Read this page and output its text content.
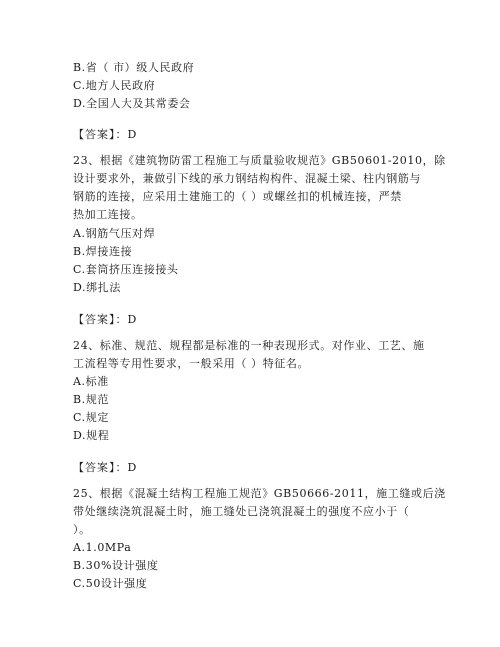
B.省（ 市）级人民政府
C.地方人民政府
D.全国人大及其常委会
【答案】：D
23、根据《建筑物防雷工程施工与质量验收规范》GB50601-2010，除
设计要求外，兼做引下线的承力钢结构构件、混凝土梁、柱内钢筋与
钢筋的连接，应采用土建施工的（ ）或螺丝扣的机械连接，严禁
热加工连接。
A.钢筋气压对焊
B.焊接连接
C.套筒挤压连接接头
D.绑扎法
【答案】：D
24、标准、规范、规程都是标准的一种表现形式。对作业、工艺、施
工流程等专用性要求，一般采用（ ）特征名。
A.标准
B.规范
C.规定
D.规程
【答案】：D
25、根据《混凝土结构工程施工规范》GB50666-2011，施工缝或后浇
带处继续浇筑混凝土时，施工缝处已浇筑混凝土的强度不应小于（
）。
A.1.0MPa
B.30%设计强度
C.50设计强度
